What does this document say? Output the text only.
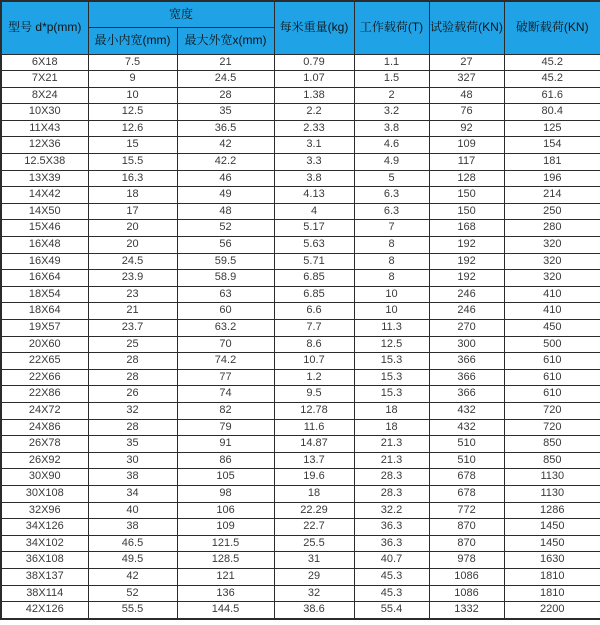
型号 d*p(mm)	宽度		每米重量(kg)	工作载荷(T)	试验载荷(KN)	破断载荷(KN)
	最小内宽(mm)	最大外宽x(mm)				
6X18	7.5	21	0.79	1.1	27	45.2
7X21	9	24.5	1.07	1.5	327	45.2
8X24	10	28	1.38	2	48	61.6
10X30	12.5	35	2.2	3.2	76	80.4
11X43	12.6	36.5	2.33	3.8	92	125
12X36	15	42	3.1	4.6	109	154
12.5X38	15.5	42.2	3.3	4.9	117	181
13X39	16.3	46	3.8	5	128	196
14X42	18	49	4.13	6.3	150	214
14X50	17	48	4	6.3	150	250
15X46	20	52	5.17	7	168	280
16X48	20	56	5.63	8	192	320
16X49	24.5	59.5	5.71	8	192	320
16X64	23.9	58.9	6.85	8	192	320
18X54	23	63	6.85	10	246	410
18X64	21	60	6.6	10	246	410
19X57	23.7	63.2	7.7	11.3	270	450
20X60	25	70	8.6	12.5	300	500
22X65	28	74.2	10.7	15.3	366	610
22X66	28	77	1.2	15.3	366	610
22X86	26	74	9.5	15.3	366	610
24X72	32	82	12.78	18	432	720
24X86	28	79	11.6	18	432	720
26X78	35	91	14.87	21.3	510	850
26X92	30	86	13.7	21.3	510	850
30X90	38	105	19.6	28.3	678	1130
30X108	34	98	18	28.3	678	1130
32X96	40	106	22.29	32.2	772	1286
34X126	38	109	22.7	36.3	870	1450
34X102	46.5	121.5	25.5	36.3	870	1450
36X108	49.5	128.5	31	40.7	978	1630
38X137	42	121	29	45.3	1086	1810
38X114	52	136	32	45.3	1086	1810
42X126	55.5	144.5	38.6	55.4	1332	2200
